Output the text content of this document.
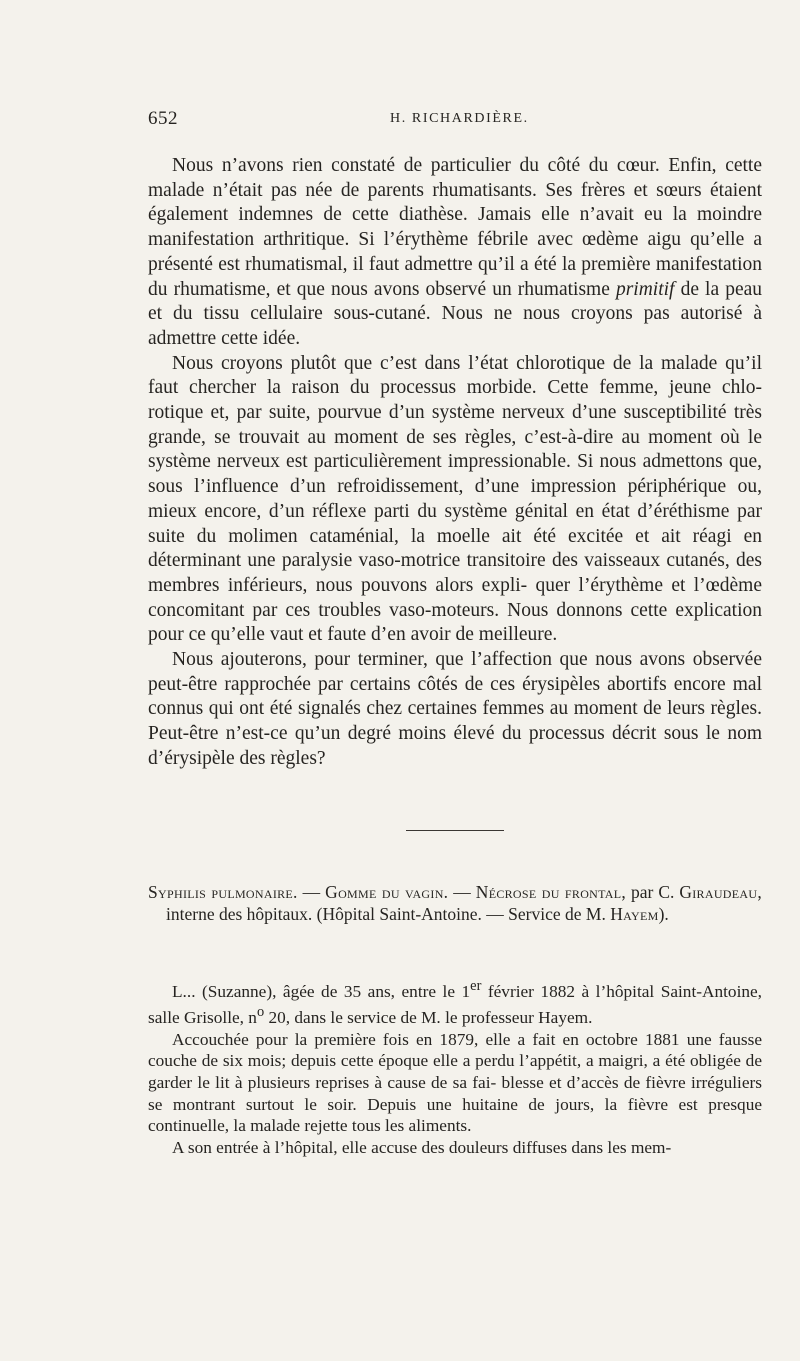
652	H. RICHARDIÈRE.

Nous n’avons rien constaté de particulier du côté du cœur. Enfin, cette malade n’était pas née de parents rhumatisants. Ses frères et sœurs étaient également indemnes de cette diathèse. Jamais elle n’avait eu la moindre manifestation arthritique. Si l’érythème fébrile avec œdème aigu qu’elle a présenté est rhumatismal, il faut admettre qu’il a été la première manifestation du rhumatisme, et que nous avons observé un rhumatisme primitif de la peau et du tissu cellulaire sous-cutané. Nous ne nous croyons pas autorisé à admettre cette idée.

Nous croyons plutôt que c’est dans l’état chlorotique de la malade qu’il faut chercher la raison du processus morbide. Cette femme, jeune chlo- rotique et, par suite, pourvue d’un système nerveux d’une susceptibilité très grande, se trouvait au moment de ses règles, c’est-à-dire au moment où le système nerveux est particulièrement impressionable. Si nous admettons que, sous l’influence d’un refroidissement, d’une impression périphérique ou, mieux encore, d’un réflexe parti du système génital en état d’éréthisme par suite du molimen cataménial, la moelle ait été excitée et ait réagi en déterminant une paralysie vaso-motrice transitoire des vaisseaux cutanés, des membres inférieurs, nous pouvons alors expli- quer l’érythème et l’œdème concomitant par ces troubles vaso-moteurs. Nous donnons cette explication pour ce qu’elle vaut et faute d’en avoir de meilleure.

Nous ajouterons, pour terminer, que l’affection que nous avons observée peut-être rapprochée par certains côtés de ces érysipèles abortifs encore mal connus qui ont été signalés chez certaines femmes au moment de leurs règles. Peut-être n’est-ce qu’un degré moins élevé du processus décrit sous le nom d’érysipèle des règles?

Syphilis pulmonaire. — Gomme du vagin. — Nécrose du frontal, par C. Giraudeau, interne des hôpitaux. (Hôpital Saint-Antoine. — Service de M. Hayem).

L... (Suzanne), âgée de 35 ans, entre le 1er février 1882 à l’hôpital Saint-Antoine, salle Grisolle, $n^o$ 20, dans le service de M. le professeur Hayem.

Accouchée pour la première fois en 1879, elle a fait en octobre 1881 une fausse couche de six mois; depuis cette époque elle a perdu l’appétit, a maigri, a été obligée de garder le lit à plusieurs reprises à cause de sa fai- blesse et d’accès de fièvre irréguliers se montrant surtout le soir. Depuis une huitaine de jours, la fièvre est presque continuelle, la malade rejette tous les aliments.

A son entrée à l’hôpital, elle accuse des douleurs diffuses dans les mem-
